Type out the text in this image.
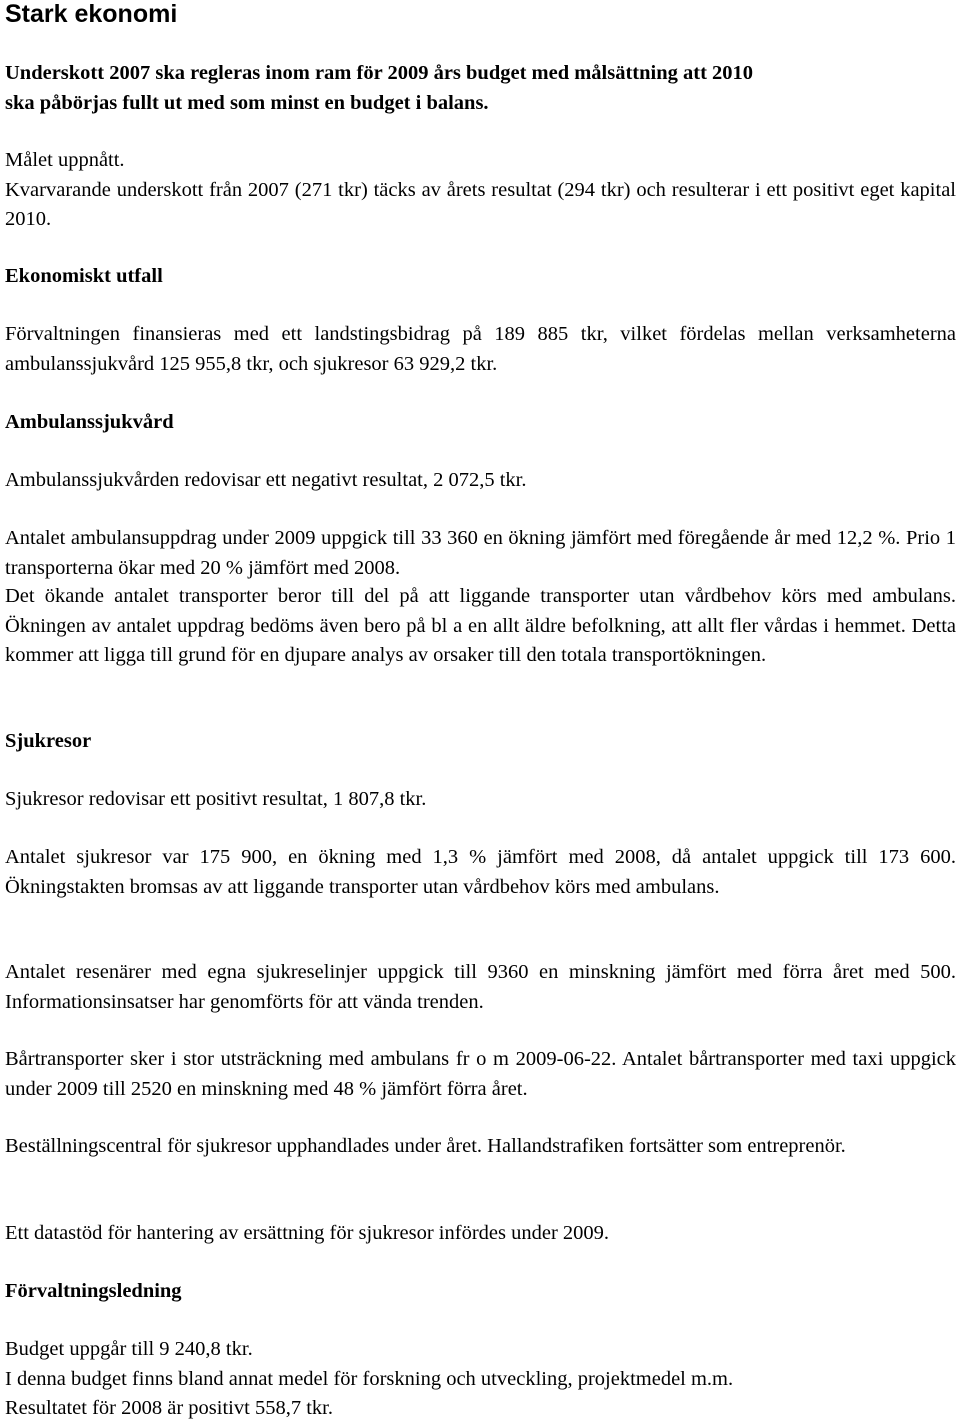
Stark ekonomi
Underskott 2007 ska regleras inom ram för 2009 års budget med målsättning att 2010
ska påbörjas fullt ut med som minst en budget i balans.
Målet uppnått.

Kvarvarande underskott från 2007 (271 tkr) täcks av årets resultat (294 tkr) och resulterar i ett positivt eget kapital 2010.

Ekonomiskt utfall

Förvaltningen finansieras med ett landstingsbidrag på 189 885 tkr, vilket fördelas mellan verksamheterna ambulanssjukvård 125 955,8 tkr, och sjukresor 63 929,2 tkr.

Ambulanssjukvård

Ambulanssjukvården redovisar ett negativt resultat, 2 072,5 tkr.

Antalet ambulansuppdrag under 2009 uppgick till 33 360 en ökning jämfört med föregående år med 12,2 %. Prio 1 transporterna ökar med 20 % jämfört med 2008.

Det ökande antalet transporter beror till del på att liggande transporter utan vårdbehov körs med ambulans. Ökningen av antalet uppdrag bedöms även bero på bl a en allt äldre befolkning, att allt fler vårdas i hemmet. Detta kommer att ligga till grund för en djupare analys av orsaker till den totala transportökningen.

Sjukresor

Sjukresor redovisar ett positivt resultat, 1 807,8 tkr.

Antalet sjukresor var 175 900, en ökning med 1,3 % jämfört med 2008, då antalet uppgick till 173 600. Ökningstakten bromsas av att liggande transporter utan vårdbehov körs med ambulans.

Antalet resenärer med egna sjukreselinjer uppgick till 9360 en minskning jämfört med förra året med 500. Informationsinsatser har genomförts för att vända trenden.

Bårtransporter sker i stor utsträckning med ambulans fr o m 2009-06-22. Antalet bårtransporter med taxi uppgick under 2009 till 2520 en minskning med 48 % jämfört förra året.

Beställningscentral för sjukresor upphandlades under året. Hallandstrafiken fortsätter som entreprenör.

Ett datastöd för hantering av ersättning för sjukresor infördes under 2009.

Förvaltningsledning
Budget uppgår till 9 240,8 tkr.
I denna budget finns bland annat medel för forskning och utveckling, projektmedel m.m.
Resultatet för 2008 är positivt 558,7 tkr.
